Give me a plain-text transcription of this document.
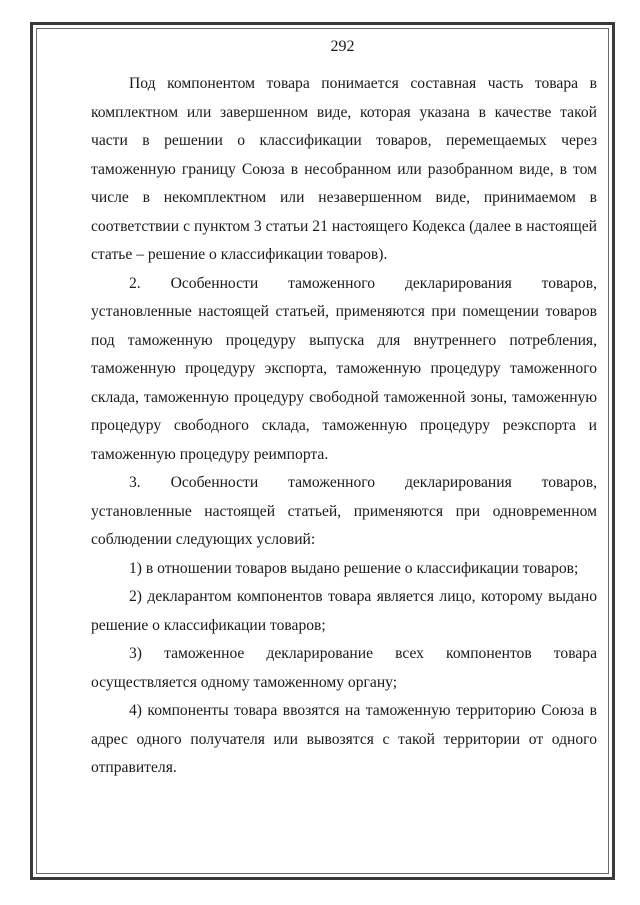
292

Под компонентом товара понимается составная часть товара в комплектном или завершенном виде, которая указана в качестве такой части в решении о классификации товаров, перемещаемых через таможенную границу Союза в несобранном или разобранном виде, в том числе в некомплектном или незавершенном виде, принимаемом в соответствии с пунктом 3 статьи 21 настоящего Кодекса (далее в настоящей статье – решение о классификации товаров).

2. Особенности таможенного декларирования товаров, установленные настоящей статьей, применяются при помещении товаров под таможенную процедуру выпуска для внутреннего потребления, таможенную процедуру экспорта, таможенную процедуру таможенного склада, таможенную процедуру свободной таможенной зоны, таможенную процедуру свободного склада, таможенную процедуру реэкспорта и таможенную процедуру реимпорта.

3. Особенности таможенного декларирования товаров, установленные настоящей статьей, применяются при одновременном соблюдении следующих условий:

1) в отношении товаров выдано решение о классификации товаров;

2) декларантом компонентов товара является лицо, которому выдано решение о классификации товаров;

3) таможенное декларирование всех компонентов товара осуществляется одному таможенному органу;

4) компоненты товара ввозятся на таможенную территорию Союза в адрес одного получателя или вывозятся с такой территории от одного отправителя.
